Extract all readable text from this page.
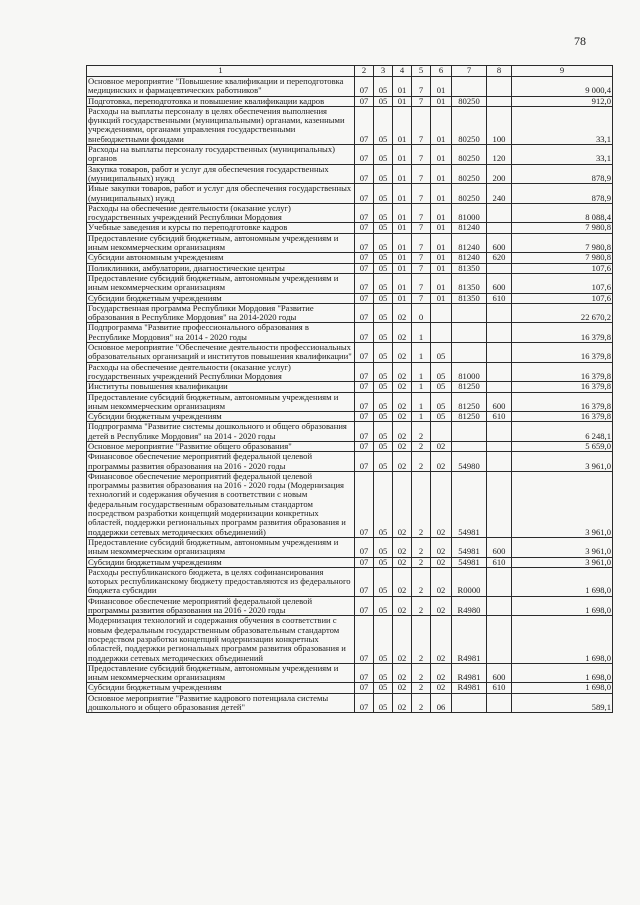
78
1	2	3	4	5	6	7	8	9
Основное мероприятие "Повышение квалификации и переподготовка медицинских и фармацевтических работников"	07	05	01	7	01			9 000,4
Подготовка, переподготовка и повышение квалификации кадров	07	05	01	7	01	80250		912,0
Расходы на выплаты персоналу в целях обеспечения выполнения функций государственными (муниципальными) органами, казенными учреждениями, органами управления государственными внебюджетными фондами	07	05	01	7	01	80250	100	33,1
Расходы на выплаты персоналу государственных (муниципальных) органов	07	05	01	7	01	80250	120	33,1
Закупка товаров, работ и услуг для обеспечения государственных (муниципальных) нужд	07	05	01	7	01	80250	200	878,9
Иные закупки товаров, работ и услуг для обеспечения государственных (муниципальных) нужд	07	05	01	7	01	80250	240	878,9
Расходы на обеспечение деятельности (оказание услуг) государственных учреждений Республики Мордовия	07	05	01	7	01	81000		8 088,4
Учебные заведения и курсы по переподготовке кадров	07	05	01	7	01	81240		7 980,8
Предоставление субсидий бюджетным, автономным учреждениям и иным некоммерческим организациям	07	05	01	7	01	81240	600	7 980,8
Субсидии автономным учреждениям	07	05	01	7	01	81240	620	7 980,8
Поликлиники, амбулатории, диагностические центры	07	05	01	7	01	81350		107,6
Предоставление субсидий бюджетным, автономным учреждениям и иным некоммерческим организациям	07	05	01	7	01	81350	600	107,6
Субсидии бюджетным учреждениям	07	05	01	7	01	81350	610	107,6
Государственная программа Республики Мордовия "Развитие образования в Республике Мордовия" на 2014-2020 годы	07	05	02	0				22 670,2
Подпрограмма "Развитие профессионального образования в Республике Мордовия" на 2014 - 2020 годы	07	05	02	1				16 379,8
Основное мероприятие "Обеспечение деятельности профессиональных образовательных организаций и институтов повышения квалификации"	07	05	02	1	05			16 379,8
Расходы на обеспечение деятельности (оказание услуг) государственных учреждений Республики Мордовия	07	05	02	1	05	81000		16 379,8
Институты повышения квалификации	07	05	02	1	05	81250		16 379,8
Предоставление субсидий бюджетным, автономным учреждениям и иным некоммерческим организациям	07	05	02	1	05	81250	600	16 379,8
Субсидии бюджетным учреждениям	07	05	02	1	05	81250	610	16 379,8
Подпрограмма "Развитие системы дошкольного и общего образования детей в Республике Мордовия" на 2014 - 2020 годы	07	05	02	2				6 248,1
Основное мероприятие "Развитие общего образования"	07	05	02	2	02			5 659,0
Финансовое обеспечение мероприятий федеральной целевой программы развития образования на 2016 - 2020 годы	07	05	02	2	02	54980		3 961,0
Финансовое обеспечение мероприятий федеральной целевой программы развития образования на 2016 - 2020 годы (Модернизация технологий и содержания обучения в соответствии с новым федеральным государственным образовательным стандартом посредством разработки концепций модернизации конкретных областей, поддержки региональных программ развития образования и поддержки сетевых методических объединений)	07	05	02	2	02	54981		3 961,0
Предоставление субсидий бюджетным, автономным учреждениям и иным некоммерческим организациям	07	05	02	2	02	54981	600	3 961,0
Субсидии бюджетным учреждениям	07	05	02	2	02	54981	610	3 961,0
Расходы республиканского бюджета, в целях софинансирования которых республиканскому бюджету предоставляются из федерального бюджета субсидии	07	05	02	2	02	R0000		1 698,0
Финансовое обеспечение мероприятий федеральной целевой программы развития образования на 2016 - 2020 годы	07	05	02	2	02	R4980		1 698,0
Модернизация технологий и содержания обучения в соответствии с новым федеральным государственным образовательным стандартом посредством разработки концепций модернизации конкретных областей, поддержки региональных программ развития образования и поддержки сетевых методических объединений	07	05	02	2	02	R4981		1 698,0
Предоставление субсидий бюджетным, автономным учреждениям и иным некоммерческим организациям	07	05	02	2	02	R4981	600	1 698,0
Субсидии бюджетным учреждениям	07	05	02	2	02	R4981	610	1 698,0
Основное мероприятие "Развитие кадрового потенциала системы дошкольного и общего образования детей"	07	05	02	2	06			589,1
